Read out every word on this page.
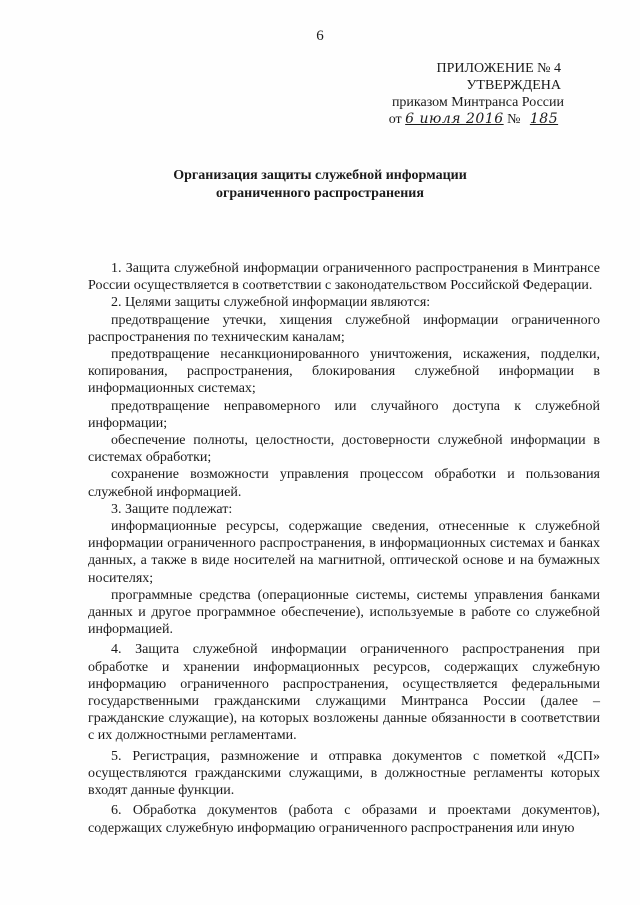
6
ПРИЛОЖЕНИЕ № 4
УТВЕРЖДЕНА
приказом Минтранса России
от 6 июля 2016 № 185
Организация защиты служебной информации
ограниченного распространения

1. Защита служебной информации ограниченного распространения в Минтрансе России осуществляется в соответствии с законодательством Российской Федерации.

2. Целями защиты служебной информации являются:

предотвращение утечки, хищения служебной информации ограниченного распространения по техническим каналам;

предотвращение несанкционированного уничтожения, искажения, подделки, копирования, распространения, блокирования служебной информации в информационных системах;

предотвращение неправомерного или случайного доступа к служебной информации;

обеспечение полноты, целостности, достоверности служебной информации в системах обработки;

сохранение возможности управления процессом обработки и пользования служебной информацией.

3. Защите подлежат:

информационные ресурсы, содержащие сведения, отнесенные к служебной информации ограниченного распространения, в информационных системах и банках данных, а также в виде носителей на магнитной, оптической основе и на бумажных носителях;

программные средства (операционные системы, системы управления банками данных и другое программное обеспечение), используемые в работе со служебной информацией.

4. Защита служебной информации ограниченного распространения при обработке и хранении информационных ресурсов, содержащих служебную информацию ограниченного распространения, осуществляется федеральными государственными гражданскими служащими Минтранса России (далее – гражданские служащие), на которых возложены данные обязанности в соответствии с их должностными регламентами.

5. Регистрация, размножение и отправка документов с пометкой «ДСП» осуществляются гражданскими служащими, в должностные регламенты которых входят данные функции.

6. Обработка документов (работа с образами и проектами документов), содержащих служебную информацию ограниченного распространения или иную
